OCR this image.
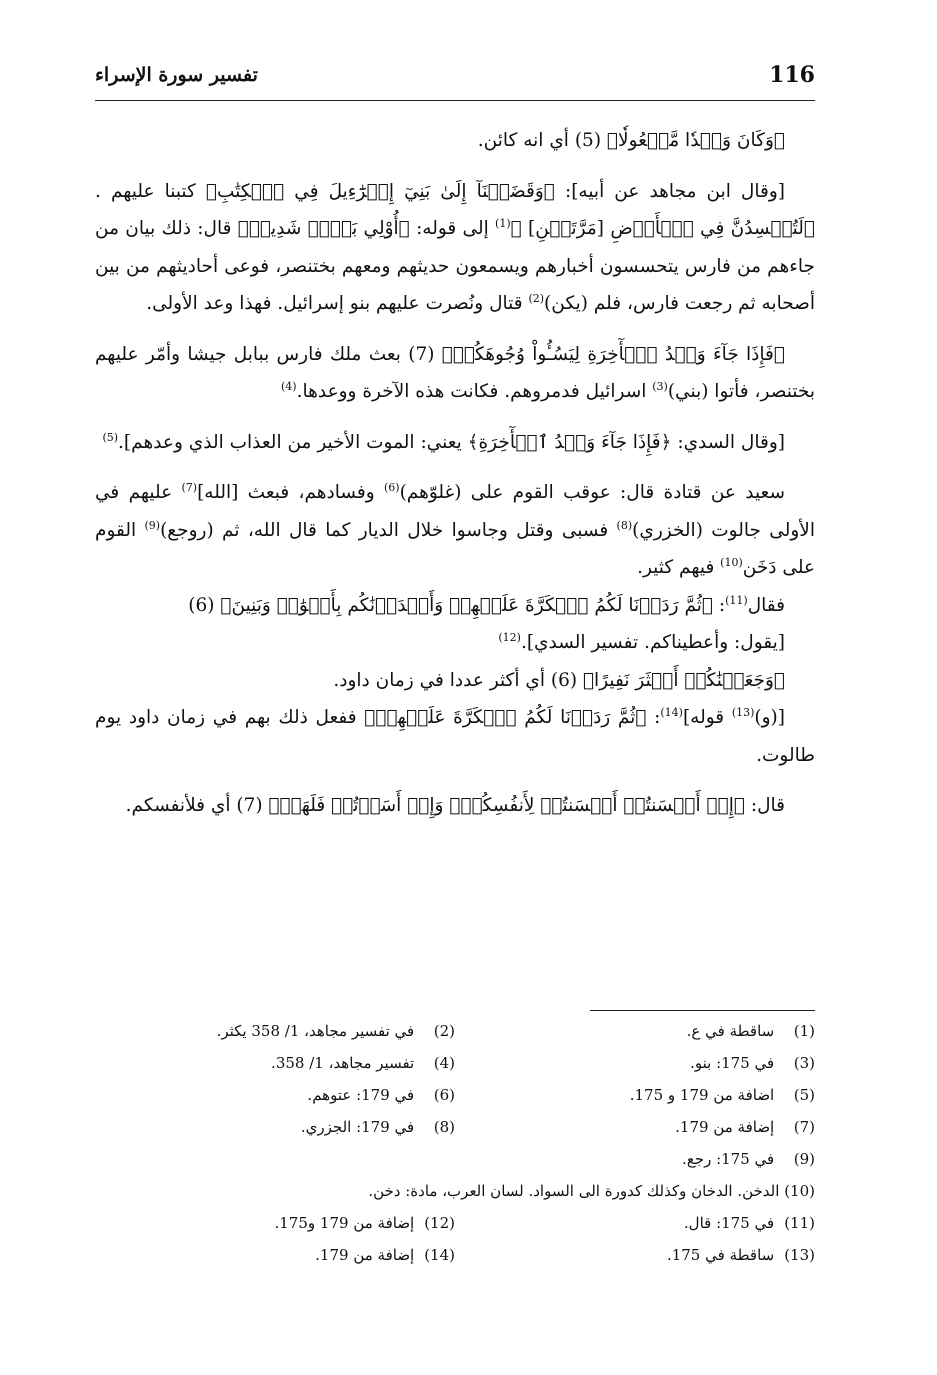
116
تفسير سورة الإسراء
﴿وَكَانَ وَعۡدٗا مَّفۡعُولٗا﴾ (5) أي انه كائن.
[وقال ابن مجاهد عن أبيه]: ﴿وَقَضَيۡنَآ إِلَىٰ بَنِيٓ إِسۡرَٰٓءِيلَ فِي ٱلۡكِتَٰبِ﴾ كتبنا عليهم .﴿لَتُفۡسِدُنَّ فِي ٱلۡأَرۡضِ [مَرَّتَيۡنِ] ﴾$^{(1)}$ إلى قوله: ﴿أُوْلِي بَأۡسٖ شَدِيدٖ﴾ قال: ذلك بيان من جاءهم من فارس يتحسسون أخبارهم ويسمعون حديثهم ومعهم بختنصر، فوعى أحاديثهم من بين أصحابه ثم رجعت فارس، فلم (يكن)$^{(2)}$ قتال ونُصرت عليهم بنو إسرائيل. فهذا وعد الأولى.
﴿فَإِذَا جَآءَ وَعۡدُ ٱلۡأٓخِرَةِ لِيَسُـُٔواْ وُجُوهَكُمۡ﴾ (7) بعث ملك فارس ببابل جيشا وأمّر عليهم بختنصر، فأتوا (بني)$^{(3)}$ اسرائيل فدمروهم. فكانت هذه الآخرة ووعدها.$^{(4)}$
[وقال السدي: ﴿فَإِذَا جَآءَ وَعۡدُ ٱلۡأٓخِرَةِ﴾ يعني: الموت الأخير من العذاب الذي وعدهم].$^{(5)}$
سعيد عن قتادة قال: عوقب القوم على (غلوّهم)$^{(6)}$ وفسادهم، فبعث [الله]$^{(7)}$ عليهم في الأولى جالوت (الخزري)$^{(8)}$ فسبى وقتل وجاسوا خلال الديار كما قال الله، ثم (روجع)$^{(9)}$ القوم على دَخَن$^{(10)}$ فيهم كثير.
فقال$^{(11)}$: ﴿ثُمَّ رَدَدۡنَا لَكُمُ ٱلۡكَرَّةَ عَلَيۡهِمۡ وَأَمۡدَدۡنَٰكُم بِأَمۡوَٰلٖ وَبَنِينَ﴾ (6)
[يقول: وأعطيناكم. تفسير السدي].$^{(12)}$
﴿وَجَعَلۡنَٰكُمۡ أَكۡثَرَ نَفِيرًا﴾ (6) أي أكثر عددا في زمان داود.
[(و)$^{(13)}$ قوله]$^{(14)}$: ﴿ثُمَّ رَدَدۡنَا لَكُمُ ٱلۡكَرَّةَ عَلَيۡهِمۡ﴾ ففعل ذلك بهم في زمان داود يوم طالوت.
قال: ﴿إِنۡ أَحۡسَنتُمۡ أَحۡسَنتُمۡ لِأَنفُسِكُمۡۖ وَإِنۡ أَسَأۡتُمۡ فَلَهَاۚ﴾ (7) أي فلأنفسكم.
(1) ساقطة في ع.
(2) في تفسير مجاهد، 1/ 358 يكثر.
(3) في 175: بنو.
(4) تفسير مجاهد، 1/ 358.
(5) اضافة من 179 و 175.
(6) في 179: عتوهم.
(7) إضافة من 179.
(8) في 179: الجزري.
(9) في 175: رجع.
(10) الدخن. الدخان وكذلك كدورة الى السواد. لسان العرب، مادة: دخن.
(11) في 175: قال.
(12) إضافة من 179 و175.
(13) ساقطة في 175.
(14) إضافة من 179.
